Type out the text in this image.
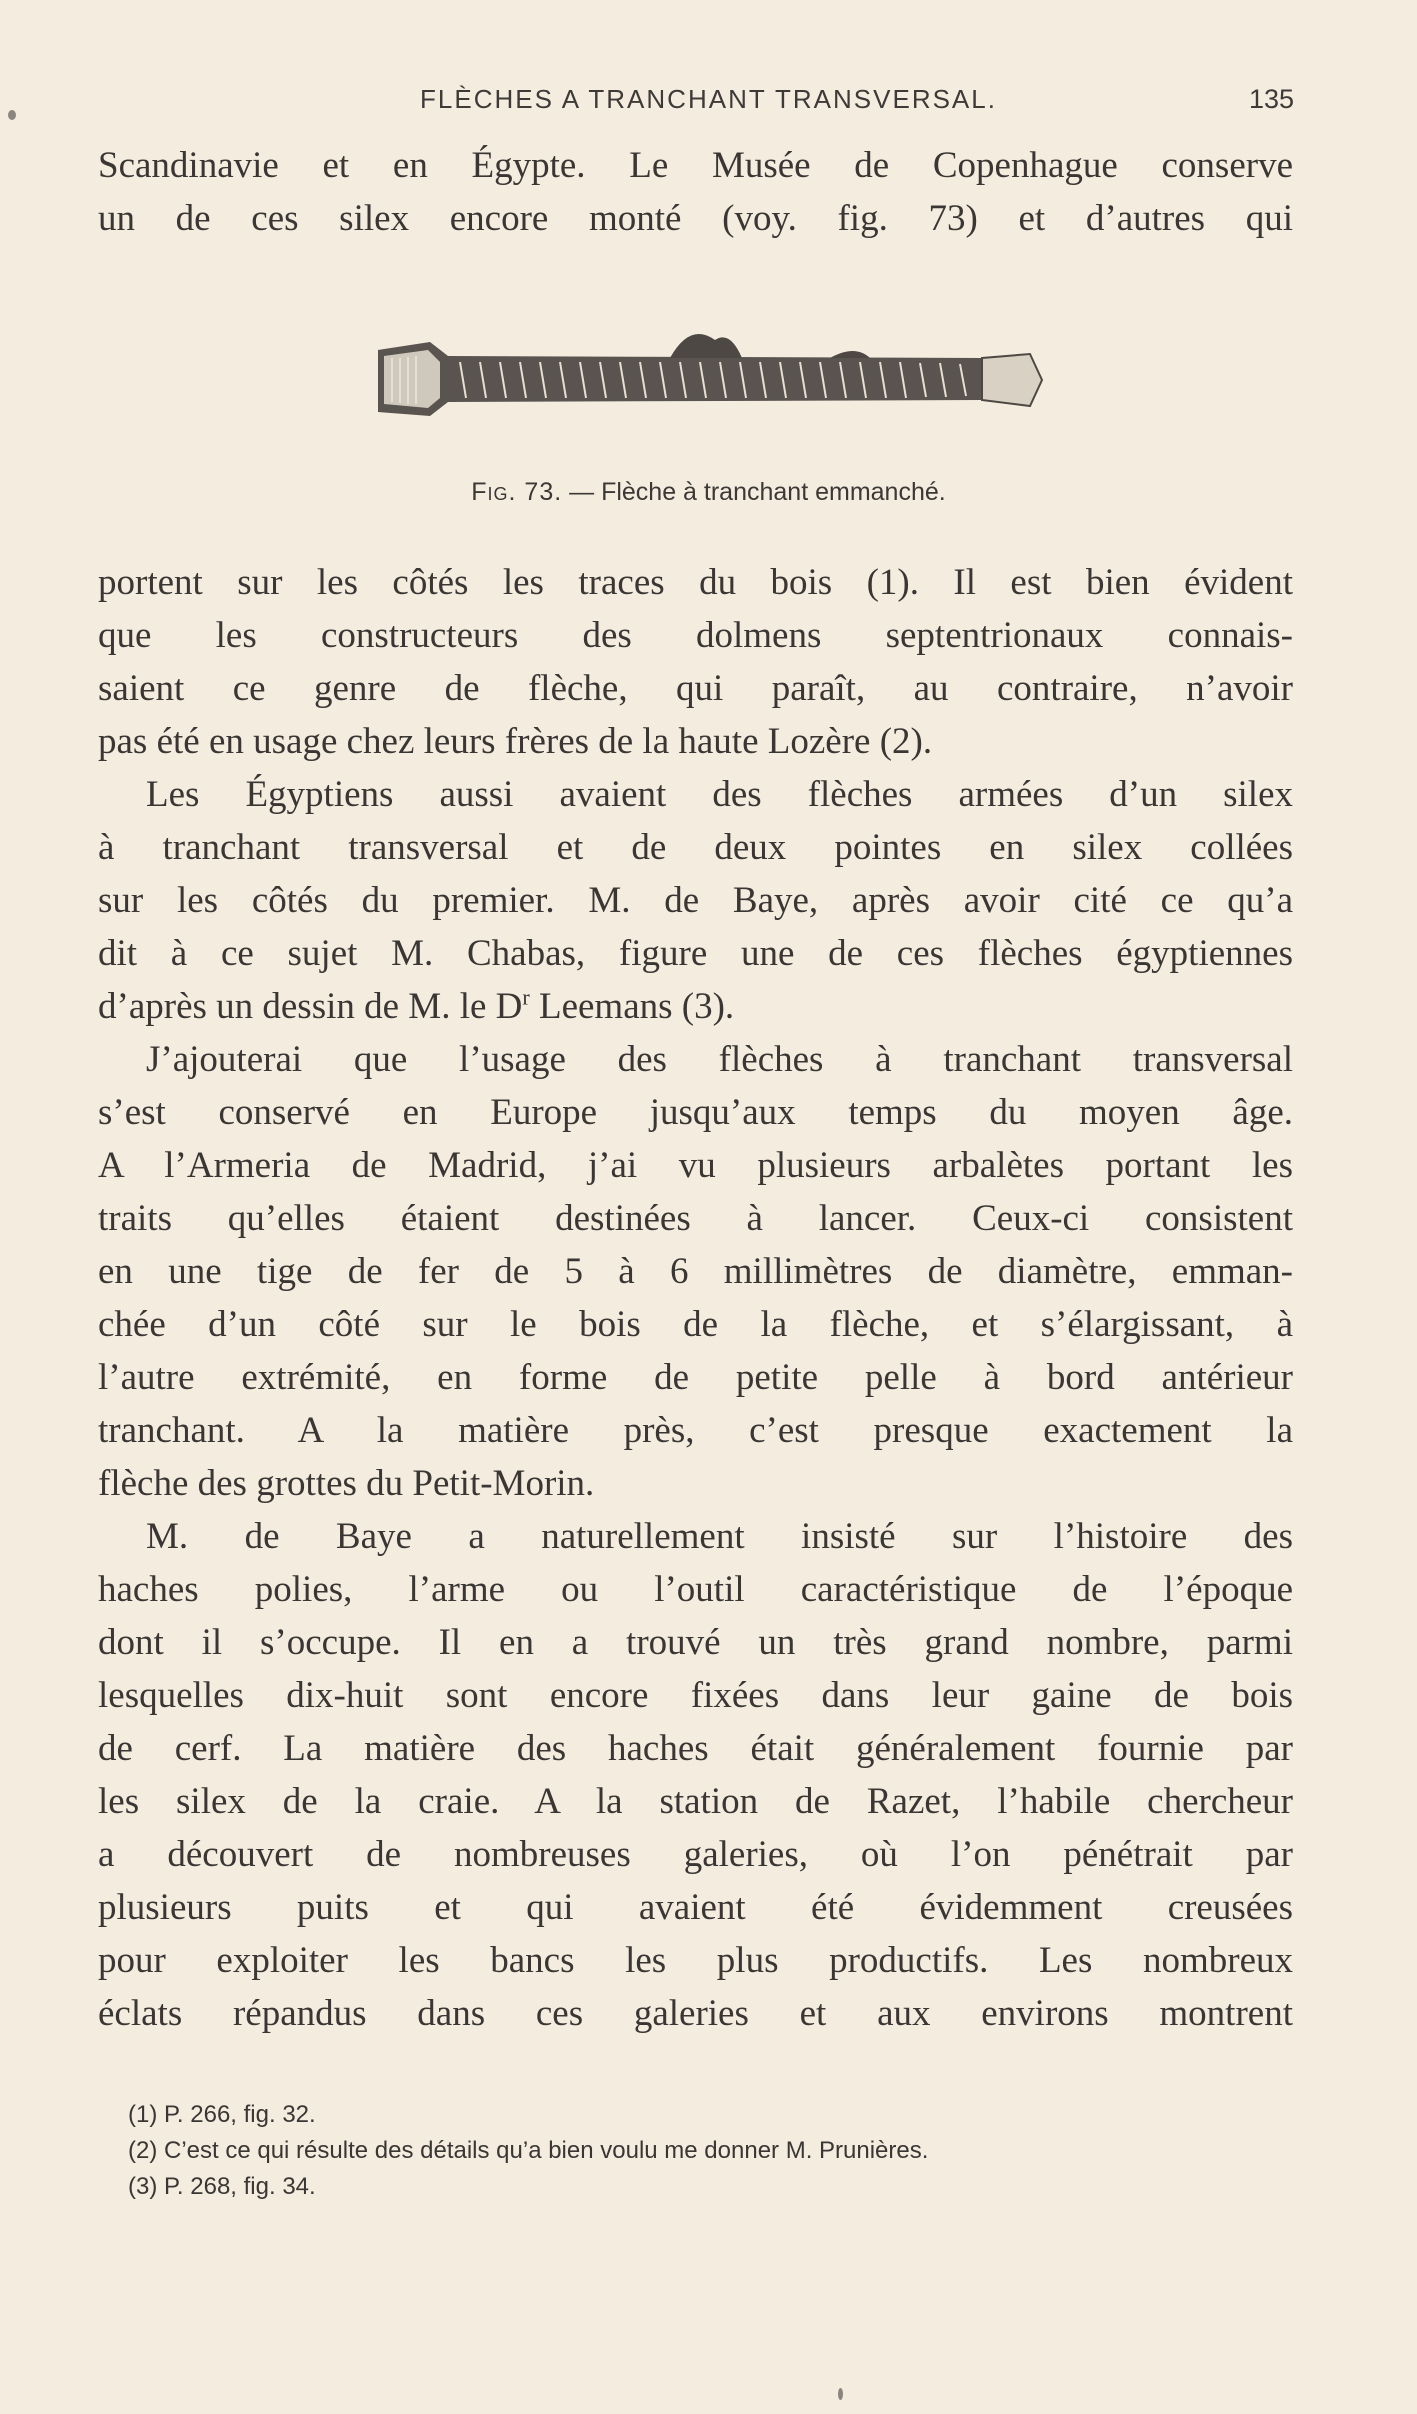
FLÈCHES A TRANCHANT TRANSVERSAL.	135
Scandinavie et en Égypte. Le Musée de Copenhague conserve
un de ces silex encore monté (voy. fig. 73) et d’autres qui
Fig. 73. — Flèche à tranchant emmanché.
portent sur les côtés les traces du bois (1). Il est bien évident
que les constructeurs des dolmens septentrionaux connais-
saient ce genre de flèche, qui paraît, au contraire, n’avoir
pas été en usage chez leurs frères de la haute Lozère (2).
Les Égyptiens aussi avaient des flèches armées d’un silex
à tranchant transversal et de deux pointes en silex collées
sur les côtés du premier. M. de Baye, après avoir cité ce qu’a
dit à ce sujet M. Chabas, figure une de ces flèches égyptiennes
d’après un dessin de M. le $D^r$ Leemans (3).
J’ajouterai que l’usage des flèches à tranchant transversal
s’est conservé en Europe jusqu’aux temps du moyen âge.
A l’Armeria de Madrid, j’ai vu plusieurs arbalètes portant les
traits qu’elles étaient destinées à lancer. Ceux-ci consistent
en une tige de fer de 5 à 6 millimètres de diamètre, emman-
chée d’un côté sur le bois de la flèche, et s’élargissant, à
l’autre extrémité, en forme de petite pelle à bord antérieur
tranchant. A la matière près, c’est presque exactement la
flèche des grottes du Petit-Morin.
M. de Baye a naturellement insisté sur l’histoire des
haches polies, l’arme ou l’outil caractéristique de l’époque
dont il s’occupe. Il en a trouvé un très grand nombre, parmi
lesquelles dix-huit sont encore fixées dans leur gaine de bois
de cerf. La matière des haches était généralement fournie par
les silex de la craie. A la station de Razet, l’habile chercheur
a découvert de nombreuses galeries, où l’on pénétrait par
plusieurs puits et qui avaient été évidemment creusées
pour exploiter les bancs les plus productifs. Les nombreux
éclats répandus dans ces galeries et aux environs montrent
(1) P. 266, fig. 32.
(2) C’est ce qui résulte des détails qu’a bien voulu me donner M. Prunières.
(3) P. 268, fig. 34.
